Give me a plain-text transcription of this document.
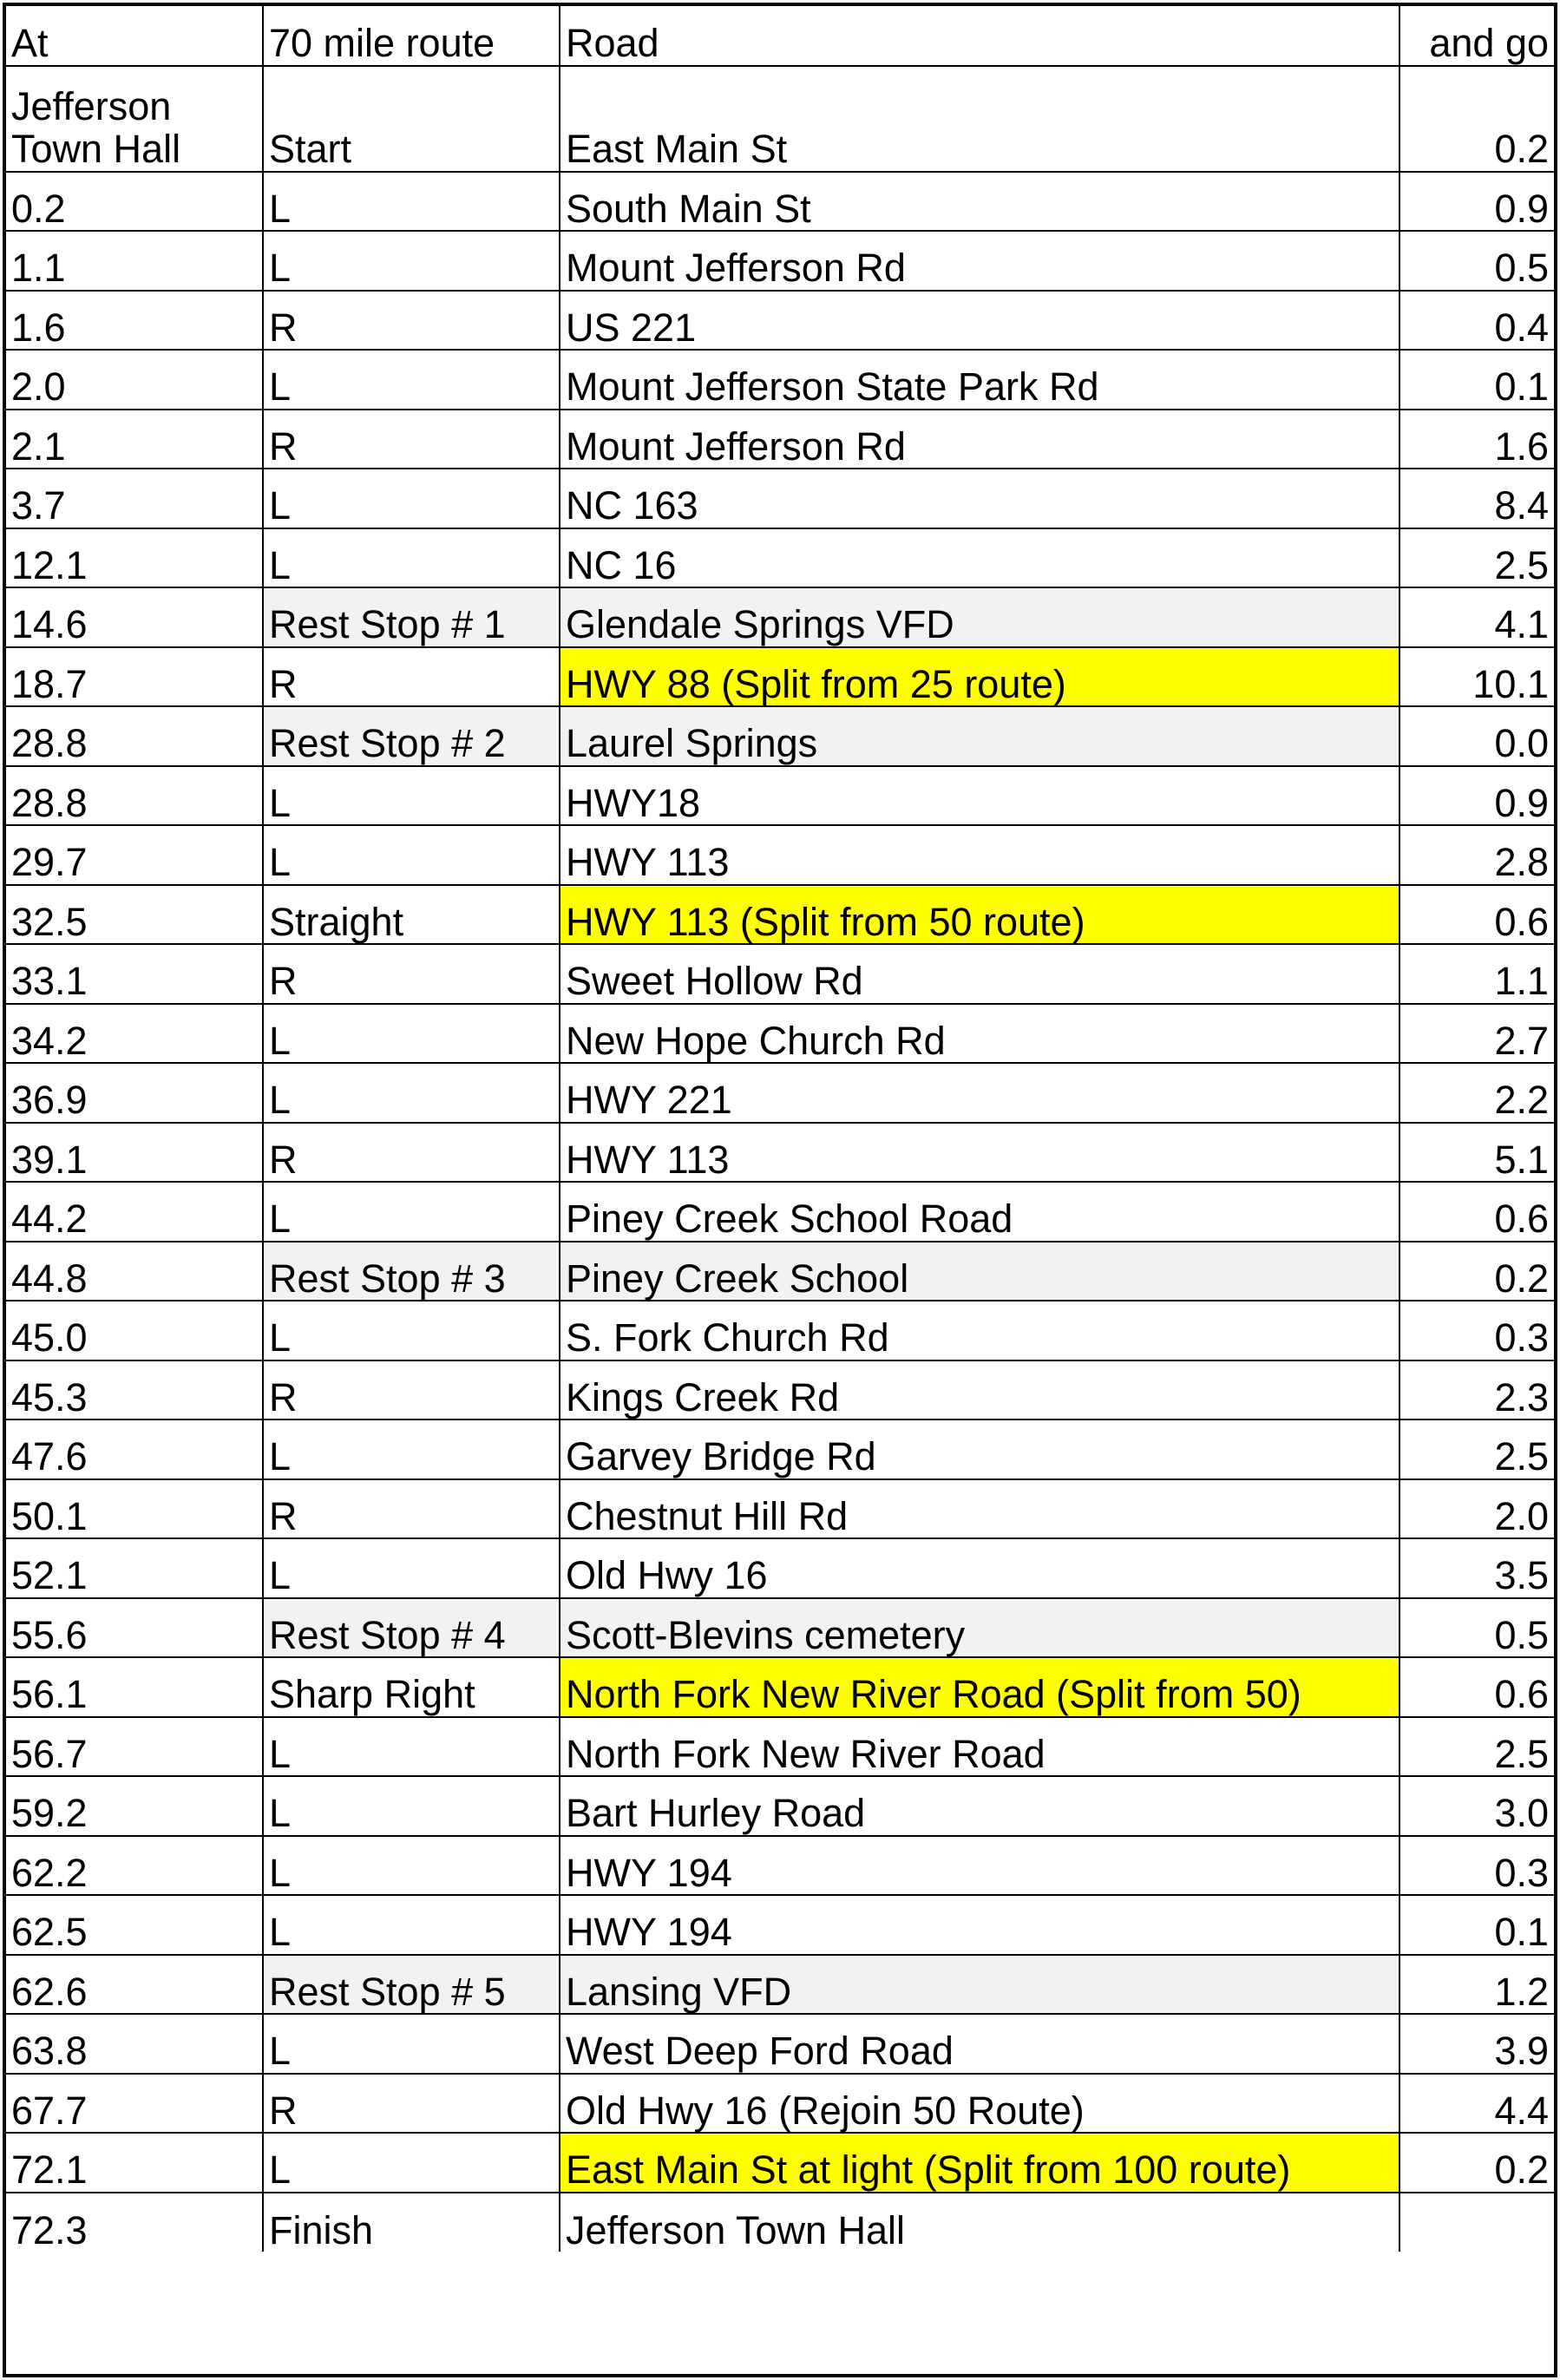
At	70 mile route	Road	and go
Jefferson Town Hall	Start	East Main St	0.2
0.2	L	South Main St	0.9
1.1	L	Mount Jefferson Rd	0.5
1.6	R	US 221	0.4
2.0	L	Mount Jefferson State Park Rd	0.1
2.1	R	Mount Jefferson Rd	1.6
3.7	L	NC 163	8.4
12.1	L	NC 16	2.5
14.6	Rest Stop # 1	Glendale Springs VFD	4.1
18.7	R	HWY 88 (Split from 25 route)	10.1
28.8	Rest Stop # 2	Laurel Springs	0.0
28.8	L	HWY18	0.9
29.7	L	HWY 113	2.8
32.5	Straight	HWY 113 (Split from 50 route)	0.6
33.1	R	Sweet Hollow Rd	1.1
34.2	L	New Hope Church Rd	2.7
36.9	L	HWY 221	2.2
39.1	R	HWY 113	5.1
44.2	L	Piney Creek School Road	0.6
44.8	Rest Stop # 3	Piney Creek School	0.2
45.0	L	S. Fork Church Rd	0.3
45.3	R	Kings Creek Rd	2.3
47.6	L	Garvey Bridge Rd	2.5
50.1	R	Chestnut Hill Rd	2.0
52.1	L	Old Hwy 16	3.5
55.6	Rest Stop # 4	Scott-Blevins cemetery	0.5
56.1	Sharp Right	North Fork New River Road (Split from 50)	0.6
56.7	L	North Fork New River Road	2.5
59.2	L	Bart Hurley Road	3.0
62.2	L	HWY 194	0.3
62.5	L	HWY 194	0.1
62.6	Rest Stop # 5	Lansing VFD	1.2
63.8	L	West Deep Ford Road	3.9
67.7	R	Old Hwy 16 (Rejoin 50 Route)	4.4
72.1	L	East Main St at light (Split from 100 route)	0.2
72.3	Finish	Jefferson Town Hall	
